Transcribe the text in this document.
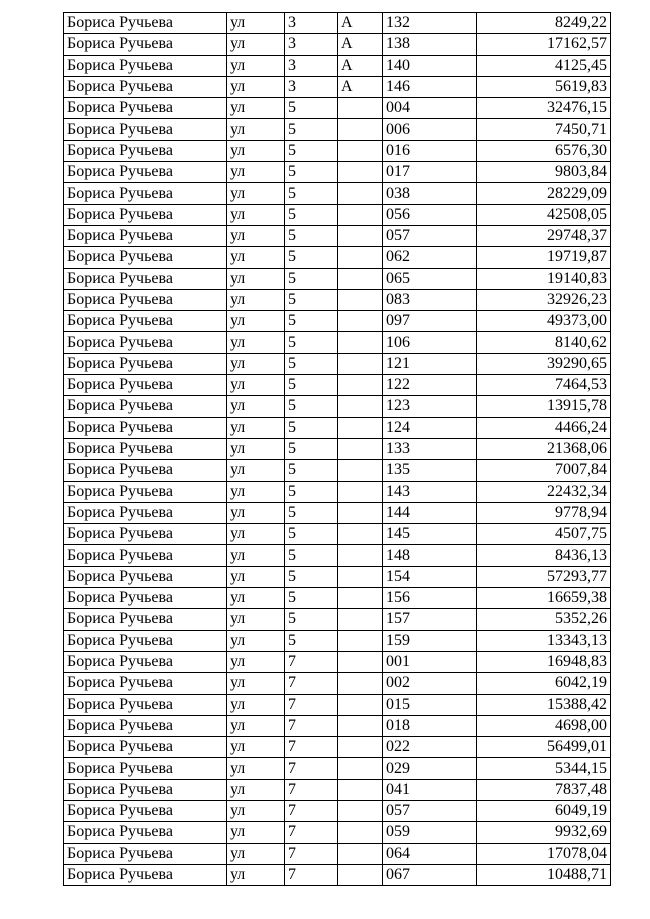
Бориса Ручьева	ул	3	А	132	8249,22
Бориса Ручьева	ул	3	А	138	17162,57
Бориса Ручьева	ул	3	А	140	4125,45
Бориса Ручьева	ул	3	А	146	5619,83
Бориса Ручьева	ул	5		004	32476,15
Бориса Ручьева	ул	5		006	7450,71
Бориса Ручьева	ул	5		016	6576,30
Бориса Ручьева	ул	5		017	9803,84
Бориса Ручьева	ул	5		038	28229,09
Бориса Ручьева	ул	5		056	42508,05
Бориса Ручьева	ул	5		057	29748,37
Бориса Ручьева	ул	5		062	19719,87
Бориса Ручьева	ул	5		065	19140,83
Бориса Ручьева	ул	5		083	32926,23
Бориса Ручьева	ул	5		097	49373,00
Бориса Ручьева	ул	5		106	8140,62
Бориса Ручьева	ул	5		121	39290,65
Бориса Ручьева	ул	5		122	7464,53
Бориса Ручьева	ул	5		123	13915,78
Бориса Ручьева	ул	5		124	4466,24
Бориса Ручьева	ул	5		133	21368,06
Бориса Ручьева	ул	5		135	7007,84
Бориса Ручьева	ул	5		143	22432,34
Бориса Ручьева	ул	5		144	9778,94
Бориса Ручьева	ул	5		145	4507,75
Бориса Ручьева	ул	5		148	8436,13
Бориса Ручьева	ул	5		154	57293,77
Бориса Ручьева	ул	5		156	16659,38
Бориса Ручьева	ул	5		157	5352,26
Бориса Ручьева	ул	5		159	13343,13
Бориса Ручьева	ул	7		001	16948,83
Бориса Ручьева	ул	7		002	6042,19
Бориса Ручьева	ул	7		015	15388,42
Бориса Ручьева	ул	7		018	4698,00
Бориса Ручьева	ул	7		022	56499,01
Бориса Ручьева	ул	7		029	5344,15
Бориса Ручьева	ул	7		041	7837,48
Бориса Ручьева	ул	7		057	6049,19
Бориса Ручьева	ул	7		059	9932,69
Бориса Ручьева	ул	7		064	17078,04
Бориса Ручьева	ул	7		067	10488,71
